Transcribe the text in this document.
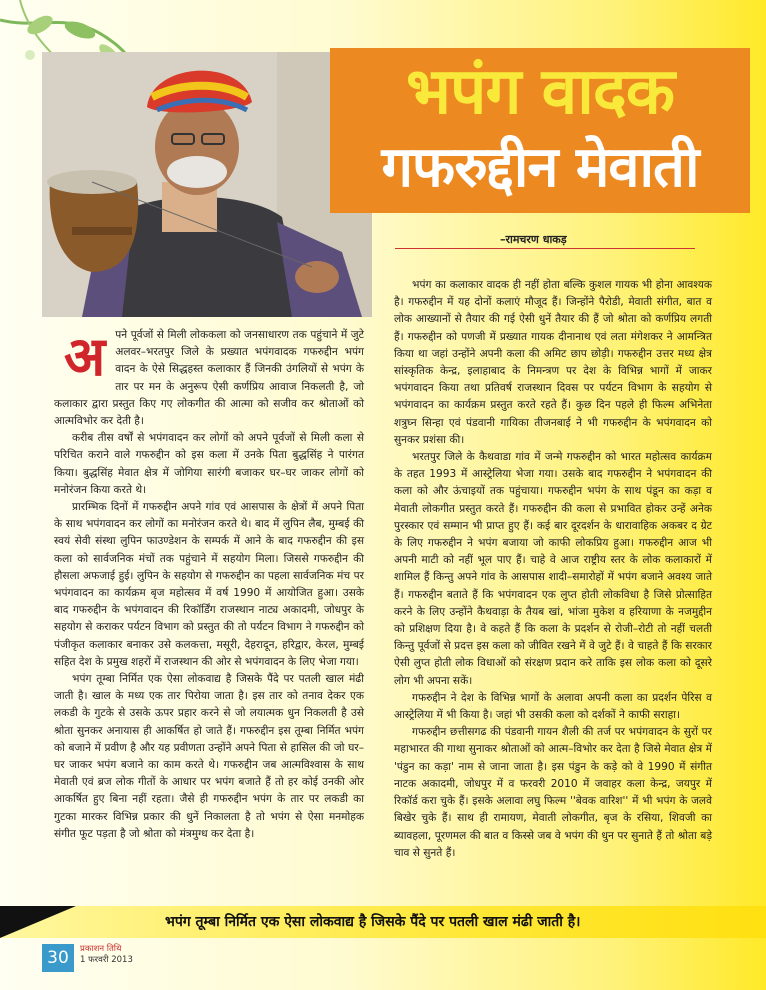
भपंग वादक
गफरुद्दीन मेवाती
–रामचरण धाकड़

अपने पूर्वजों से मिली लोककला को जनसाधारण तक पहुंचाने में जुटे अलवर–भरतपुर जिले के प्रख्यात भपंगवादक गफरुद्दीन भपंग वादन के ऐसे सिद्धहस्त कलाकार हैं जिनकी उंगलियों से भपंग के तार पर मन के अनुरूप ऐसी कर्णप्रिय आवाज निकलती है, जो कलाकार द्वारा प्रस्तुत किए गए लोकगीत की आत्मा को सजीव कर श्रोताओं को आत्मविभोर कर देती है।

करीब तीस वर्षों से भपंगवादन कर लोगों को अपने पूर्वजों से मिली कला से परिचित कराने वाले गफरुद्दीन को इस कला में उनके पिता बुद्धसिंह ने पारंगत किया। बुद्धसिंह मेवात क्षेत्र में जोगिया सारंगी बजाकर घर–घर जाकर लोगों को मनोरंजन किया करते थे।

प्रारम्भिक दिनों में गफरुद्दीन अपने गांव एवं आसपास के क्षेत्रों में अपने पिता के साथ भपंगवादन कर लोगों का मनोरंजन करते थे। बाद में लुपिन लैब, मुम्बई की स्वयं सेवी संस्था लुपिन फाउण्डेशन के सम्पर्क में आने के बाद गफरुद्दीन की इस कला को सार्वजनिक मंचों तक पहुंचाने में सहयोग मिला। जिससे गफरुद्दीन की हौसला अफजाई हुई। लुपिन के सहयोग से गफरुद्दीन का पहला सार्वजनिक मंच पर भपंगवादन का कार्यक्रम बृज महोत्सव में वर्ष 1990 में आयोजित हुआ। उसके बाद गफरुद्दीन के भपंगवादन की रिकॉर्डिंग राजस्थान नाट्य अकादमी, जोधपुर के सहयोग से कराकर पर्यटन विभाग को प्रस्तुत की तो पर्यटन विभाग ने गफरुद्दीन को पंजीकृत कलाकार बनाकर उसे कलकत्ता, मसूरी, देहरादून, हरिद्वार, केरल, मुम्बई सहित देश के प्रमुख शहरों में राजस्थान की ओर से भपंगवादन के लिए भेजा गया।

भपंग तूम्बा निर्मित एक ऐसा लोकवाद्य है जिसके पैंदे पर पतली खाल मंढी जाती है। खाल के मध्य एक तार पिरोया जाता है। इस तार को तनाव देकर एक लकडी के गुटके से उसके ऊपर प्रहार करने से जो लयात्मक धुन निकलती है उसे श्रोता सुनकर अनायास ही आकर्षित हो जाते हैं। गफरुद्दीन इस तूम्बा निर्मित भपंग को बजाने में प्रवीण है और यह प्रवीणता उन्होंने अपने पिता से हासिल की जो घर–घर जाकर भपंग बजाने का काम करते थे। गफरुद्दीन जब आत्मविश्वास के साथ मेवाती एवं ब्रज लोक गीतों के आधार पर भपंग बजाते हैं तो हर कोई उनकी ओर आकर्षित हुए बिना नहीं रहता। जैसे ही गफरुद्दीन भपंग के तार पर लकडी का गुटका मारकर विभिन्न प्रकार की धुनें निकालता है तो भपंग से ऐसा मनमोहक संगीत फूट पड़ता है जो श्रोता को मंत्रमुग्ध कर देता है।

भपंग का कलाकार वादक ही नहीं होता बल्कि कुशल गायक भी होना आवश्यक है। गफरुद्दीन में यह दोनों कलाएं मौजूद हैं। जिन्होंने पैरोडी, मेवाती संगीत, बात व लोक आख्यानों से तैयार की गई ऐसी धुनें तैयार की हैं जो श्रोता को कर्णप्रिय लगती हैं। गफरुद्दीन को पणजी में प्रख्यात गायक दीनानाथ एवं लता मंगेशकर ने आमन्त्रित किया था जहां उन्होंने अपनी कला की अमिट छाप छोड़ी। गफरुद्दीन उत्तर मध्य क्षेत्र सांस्कृतिक केन्द्र, इलाहाबाद के निमन्त्रण पर देश के विभिन्न भागों में जाकर भपंगवादन किया तथा प्रतिवर्ष राजस्थान दिवस पर पर्यटन विभाग के सहयोग से भपंगवादन का कार्यक्रम प्रस्तुत करते रहते हैं। कुछ दिन पहले ही फिल्म अभिनेता शत्रुघ्न सिन्हा एवं पंडवानी गायिका तीजनबाई ने भी गफरुद्दीन के भपंगवादन को सुनकर प्रशंसा की।

भरतपुर जिले के कैथवाडा गांव में जन्मे गफरुद्दीन को भारत महोत्सव कार्यक्रम के तहत 1993 में आस्ट्रेलिया भेजा गया। उसके बाद गफरुद्दीन ने भपंगवादन की कला को और ऊंचाइयों तक पहुंचाया। गफरुद्दीन भपंग के साथ पंडून का कड़ा व मेवाती लोकगीत प्रस्तुत करते हैं। गफरुद्दीन की कला से प्रभावित होकर उन्हें अनेक पुरस्कार एवं सम्मान भी प्राप्त हुए हैं। कई बार दूरदर्शन के धारावाहिक अकबर द ग्रेट के लिए गफरुद्दीन ने भपंग बजाया जो काफी लोकप्रिय हुआ। गफरुद्दीन आज भी अपनी माटी को नहीं भूल पाए हैं। चाहे वे आज राष्ट्रीय स्तर के लोक कलाकारों में शामिल हैं किन्तु अपने गांव के आसपास शादी–समारोहों में भपंग बजाने अवश्य जाते हैं। गफरुद्दीन बताते हैं कि भपंगवादन एक लुप्त होती लोकविधा है जिसे प्रोत्साहित करने के लिए उन्होंने कैथवाड़ा के तैयब खां, भांजा मुकेश व हरियाणा के नजमुद्दीन को प्रशिक्षण दिया है। वे कहते हैं कि कला के प्रदर्शन से रोजी–रोटी तो नहीं चलती किन्तु पूर्वजों से प्रदत्त इस कला को जीवित रखने में वे जुटे हैं। वे चाहते हैं कि सरकार ऐसी लुप्त होती लोक विधाओं को संरक्षण प्रदान करे ताकि इस लोक कला को दूसरे लोग भी अपना सकें।

गफरुद्दीन ने देश के विभिन्न भागों के अलावा अपनी कला का प्रदर्शन पेरिस व आस्ट्रेलिया में भी किया है। जहां भी उसकी कला को दर्शकों ने काफी सराहा।

गफरुद्दीन छत्तीसगढ की पंडवानी गायन शैली की तर्ज पर भपंगवादन के सुरों पर महाभारत की गाथा सुनाकर श्रोताओं को आत्म–विभोर कर देता है जिसे मेवात क्षेत्र में 'पंडुन का कड़ा' नाम से जाना जाता है। इस पंडुन के कड़े को वे 1990 में संगीत नाटक अकादमी, जोधपुर में व फरवरी 2010 में जवाहर कला केन्द्र, जयपुर में रिकॉर्ड करा चुके हैं। इसके अलावा लघु फिल्म ''बेवक वारिश'' में भी भपंग के जलवे बिखेर चुके हैं। साथ ही रामायण, मेवाती लोकगीत, बृज के रसिया, शिवजी का ब्यावहला, पूरणमल की बात व किस्से जब वे भपंग की धुन पर सुनाते हैं तो श्रोता बड़े चाव से सुनते हैं।

भपंग तूम्बा निर्मित एक ऐसा लोकवाद्य है जिसके पैंदे पर पतली खाल मंढी जाती है।
30	प्रकाशन तिथि
1 फरवरी 2013
